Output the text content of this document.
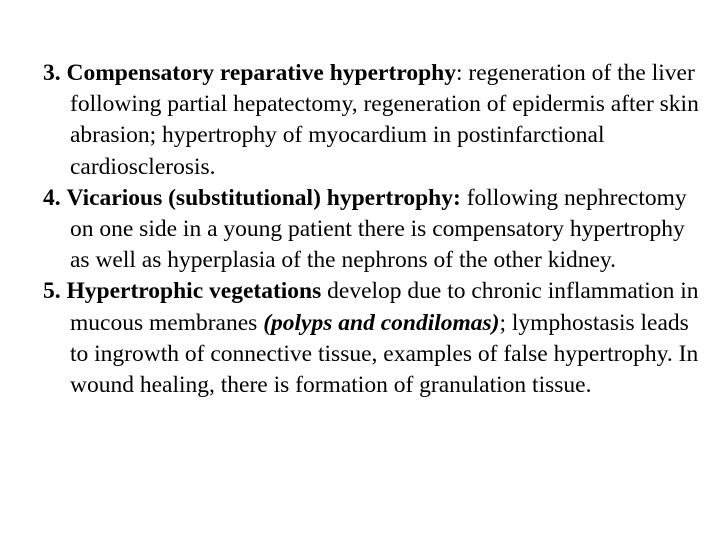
3. Compensatory reparative hypertrophy: regeneration of the liver following partial hepatectomy, regeneration of epidermis after skin abrasion; hypertrophy of myocardium in postinfarctional cardiosclerosis.
4. Vicarious (substitutional) hypertrophy: following nephrectomy on one side in a young patient there is compensatory hypertrophy as well as hyperplasia of the nephrons of the other kidney.
5. Hypertrophic vegetations develop due to chronic inflammation in mucous membranes (polyps and condilomas); lymphostasis leads to ingrowth of connective tissue, examples of false hypertrophy. In wound healing, there is formation of granulation tissue.
